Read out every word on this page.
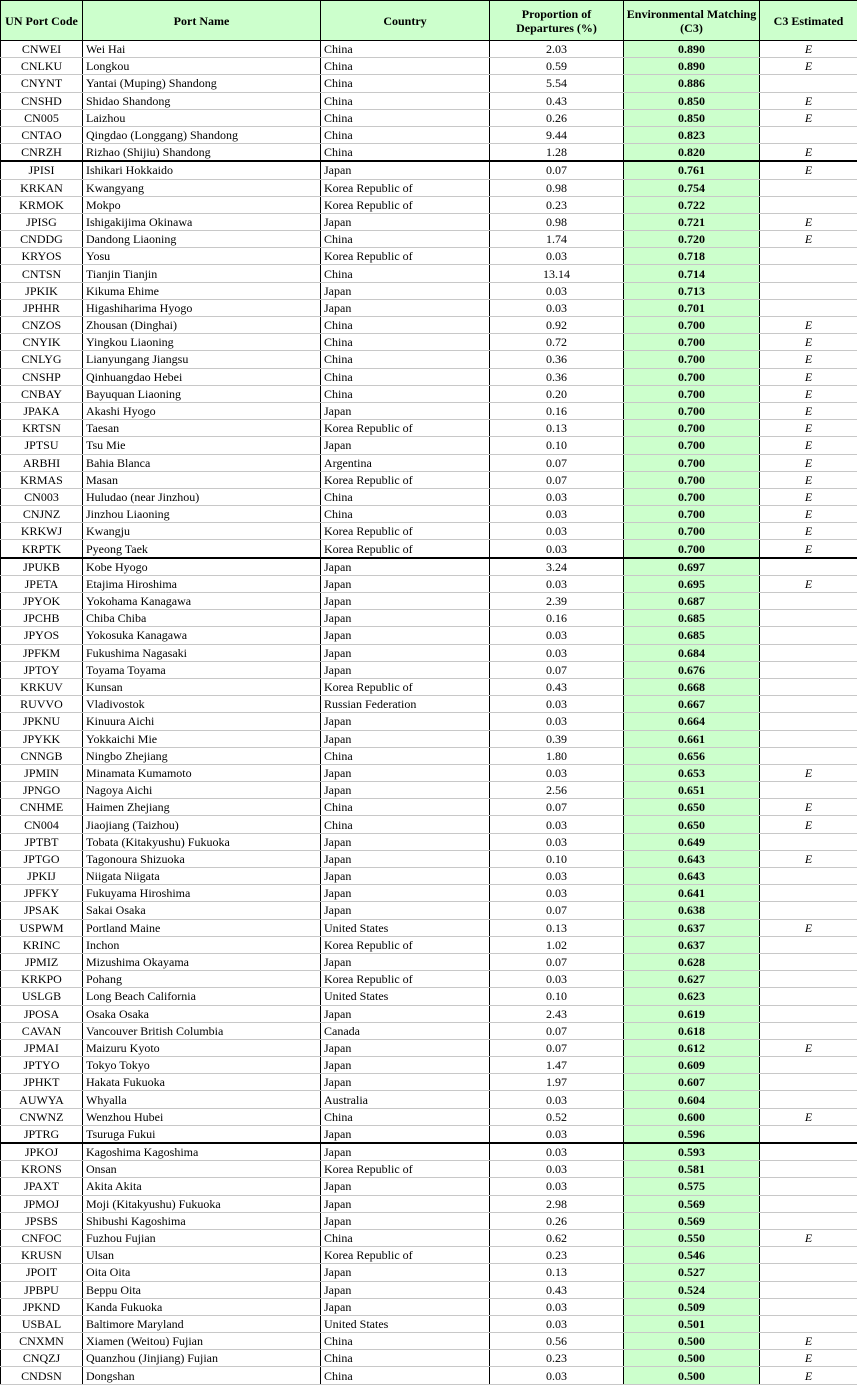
UN Port Code	Port Name	Country	Proportion of Departures (%)	Environmental Matching (C3)	C3 Estimated
CNWEI	Wei Hai	China	2.03	0.890	E
CNLKU	Longkou	China	0.59	0.890	E
CNYNT	Yantai (Muping) Shandong	China	5.54	0.886	
CNSHD	Shidao Shandong	China	0.43	0.850	E
CN005	Laizhou	China	0.26	0.850	E
CNTAO	Qingdao (Longgang) Shandong	China	9.44	0.823	
CNRZH	Rizhao (Shijiu) Shandong	China	1.28	0.820	E
JPISI	Ishikari Hokkaido	Japan	0.07	0.761	E
KRKAN	Kwangyang	Korea Republic of	0.98	0.754	
KRMOK	Mokpo	Korea Republic of	0.23	0.722	
JPISG	Ishigakijima Okinawa	Japan	0.98	0.721	E
CNDDG	Dandong Liaoning	China	1.74	0.720	E
KRYOS	Yosu	Korea Republic of	0.03	0.718	
CNTSN	Tianjin Tianjin	China	13.14	0.714	
JPKIK	Kikuma Ehime	Japan	0.03	0.713	
JPHHR	Higashiharima Hyogo	Japan	0.03	0.701	
CNZOS	Zhousan (Dinghai)	China	0.92	0.700	E
CNYIK	Yingkou Liaoning	China	0.72	0.700	E
CNLYG	Lianyungang Jiangsu	China	0.36	0.700	E
CNSHP	Qinhuangdao Hebei	China	0.36	0.700	E
CNBAY	Bayuquan Liaoning	China	0.20	0.700	E
JPAKA	Akashi Hyogo	Japan	0.16	0.700	E
KRTSN	Taesan	Korea Republic of	0.13	0.700	E
JPTSU	Tsu Mie	Japan	0.10	0.700	E
ARBHI	Bahia Blanca	Argentina	0.07	0.700	E
KRMAS	Masan	Korea Republic of	0.07	0.700	E
CN003	Huludao (near Jinzhou)	China	0.03	0.700	E
CNJNZ	Jinzhou Liaoning	China	0.03	0.700	E
KRKWJ	Kwangju	Korea Republic of	0.03	0.700	E
KRPTK	Pyeong Taek	Korea Republic of	0.03	0.700	E
JPUKB	Kobe Hyogo	Japan	3.24	0.697	
JPETA	Etajima Hiroshima	Japan	0.03	0.695	E
JPYOK	Yokohama Kanagawa	Japan	2.39	0.687	
JPCHB	Chiba Chiba	Japan	0.16	0.685	
JPYOS	Yokosuka Kanagawa	Japan	0.03	0.685	
JPFKM	Fukushima Nagasaki	Japan	0.03	0.684	
JPTOY	Toyama Toyama	Japan	0.07	0.676	
KRKUV	Kunsan	Korea Republic of	0.43	0.668	
RUVVO	Vladivostok	Russian Federation	0.03	0.667	
JPKNU	Kinuura Aichi	Japan	0.03	0.664	
JPYKK	Yokkaichi Mie	Japan	0.39	0.661	
CNNGB	Ningbo Zhejiang	China	1.80	0.656	
JPMIN	Minamata Kumamoto	Japan	0.03	0.653	E
JPNGO	Nagoya Aichi	Japan	2.56	0.651	
CNHME	Haimen Zhejiang	China	0.07	0.650	E
CN004	Jiaojiang (Taizhou)	China	0.03	0.650	E
JPTBT	Tobata (Kitakyushu) Fukuoka	Japan	0.03	0.649	
JPTGO	Tagonoura Shizuoka	Japan	0.10	0.643	E
JPKIJ	Niigata Niigata	Japan	0.03	0.643	
JPFKY	Fukuyama Hiroshima	Japan	0.03	0.641	
JPSAK	Sakai Osaka	Japan	0.07	0.638	
USPWM	Portland Maine	United States	0.13	0.637	E
KRINC	Inchon	Korea Republic of	1.02	0.637	
JPMIZ	Mizushima Okayama	Japan	0.07	0.628	
KRKPO	Pohang	Korea Republic of	0.03	0.627	
USLGB	Long Beach California	United States	0.10	0.623	
JPOSA	Osaka Osaka	Japan	2.43	0.619	
CAVAN	Vancouver British Columbia	Canada	0.07	0.618	
JPMAI	Maizuru Kyoto	Japan	0.07	0.612	E
JPTYO	Tokyo Tokyo	Japan	1.47	0.609	
JPHKT	Hakata Fukuoka	Japan	1.97	0.607	
AUWYA	Whyalla	Australia	0.03	0.604	
CNWNZ	Wenzhou Hubei	China	0.52	0.600	E
JPTRG	Tsuruga Fukui	Japan	0.03	0.596	
JPKOJ	Kagoshima Kagoshima	Japan	0.03	0.593	
KRONS	Onsan	Korea Republic of	0.03	0.581	
JPAXT	Akita Akita	Japan	0.03	0.575	
JPMOJ	Moji (Kitakyushu) Fukuoka	Japan	2.98	0.569	
JPSBS	Shibushi Kagoshima	Japan	0.26	0.569	
CNFOC	Fuzhou Fujian	China	0.62	0.550	E
KRUSN	Ulsan	Korea Republic of	0.23	0.546	
JPOIT	Oita Oita	Japan	0.13	0.527	
JPBPU	Beppu Oita	Japan	0.43	0.524	
JPKND	Kanda Fukuoka	Japan	0.03	0.509	
USBAL	Baltimore Maryland	United States	0.03	0.501	
CNXMN	Xiamen (Weitou) Fujian	China	0.56	0.500	E
CNQZJ	Quanzhou (Jinjiang) Fujian	China	0.23	0.500	E
CNDSN	Dongshan	China	0.03	0.500	E
